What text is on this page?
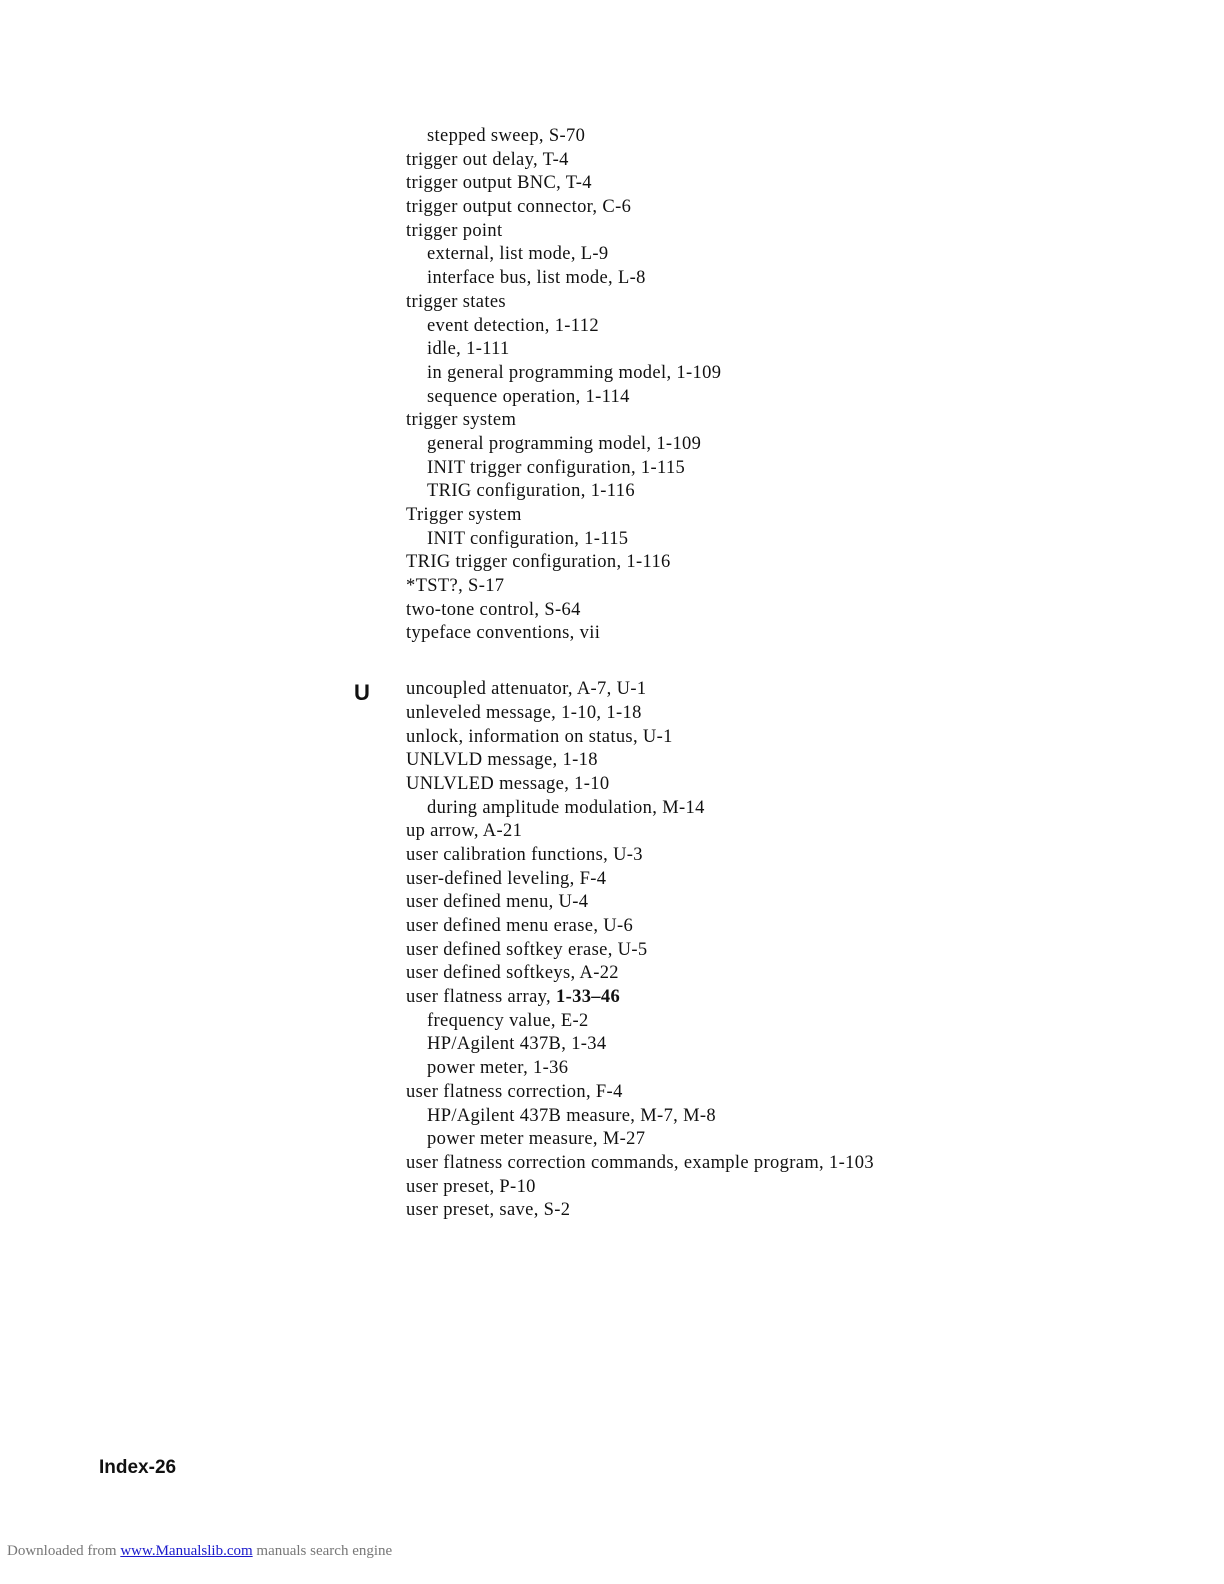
stepped sweep, S-70
trigger out delay, T-4
trigger output BNC, T-4
trigger output connector, C-6
trigger point
external, list mode, L-9
interface bus, list mode, L-8
trigger states
event detection, 1-112
idle, 1-111
in general programming model, 1-109
sequence operation, 1-114
trigger system
general programming model, 1-109
INIT trigger configuration, 1-115
TRIG configuration, 1-116
Trigger system
INIT configuration, 1-115
TRIG trigger configuration, 1-116
*TST?, S-17
two-tone control, S-64
typeface conventions, vii
uncoupled attenuator, A-7, U-1
unleveled message, 1-10, 1-18
unlock, information on status, U-1
UNLVLD message, 1-18
UNLVLED message, 1-10
during amplitude modulation, M-14
up arrow, A-21
user calibration functions, U-3
user-defined leveling, F-4
user defined menu, U-4
user defined menu erase, U-6
user defined softkey erase, U-5
user defined softkeys, A-22
user flatness array, 1-33–46
frequency value, E-2
HP/Agilent 437B, 1-34
power meter, 1-36
user flatness correction, F-4
HP/Agilent 437B measure, M-7, M-8
power meter measure, M-27
user flatness correction commands, example program, 1-103
user preset, P-10
user preset, save, S-2
U
Index-26
Downloaded from www.Manualslib.com manuals search engine
